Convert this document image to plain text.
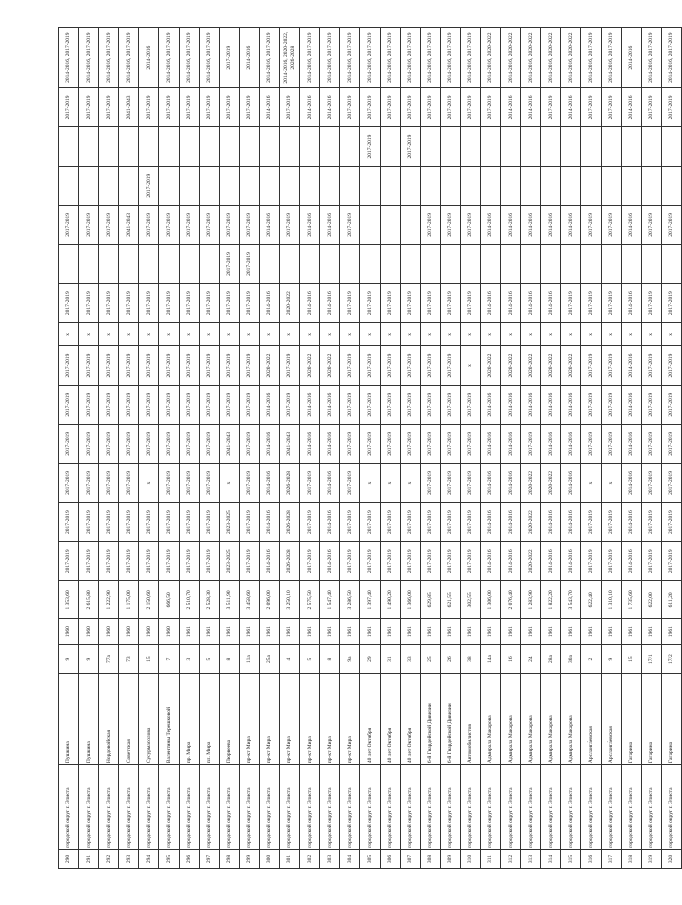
290	городской округ г. Элиста	Пушкина	9	1960	1 353,60	2017-2019	2017-2019	2017-2019	2017-2019	2017-2019	2017-2019	x	2017-2019		2017-2019			2017-2019	2014-2016, 2017-2019
291	городской округ г. Элиста	Пушкина	9	1960	2 615,80	2017-2019	2017-2019	2017-2019	2017-2019	2017-2019	2017-2019	x	2017-2019		2017-2019			2017-2019	2014-2016, 2017-2019
292	городской округ г. Элиста	Нордовойская	77а	1960	1 222,90	2017-2019	2017-2019	2017-2019	2017-2019	2017-2019	2017-2019	x	2017-2019		2017-2019			2017-2019	2014-2016, 2017-2019
293	городской округ г. Элиста	Советская	73	1960	1 175,00	2017-2019	2017-2019	2017-2019	2017-2019	2017-2019	2017-2019	x	2017-2019		2041-2043			2041-2043	2014-2016, 2017-2019
294	городской округ г. Элиста	Сусурмасолова	15	1960	2 150,60	2017-2019	2017-2019	x	2017-2019	2017-2019	2017-2019	x	2017-2019		2017-2019	2017-2019		2017-2019	2014-2016
295	городской округ г. Элиста	Валентины Терешковой	7	1960	666,50	2017-2019	2017-2019	2017-2019	2017-2019	2017-2019	2017-2019	x	2017-2019		2017-2019			2017-2019	2014-2016, 2017-2019
296	городской округ г. Элиста	пр. Мира	3	1961	2 510,70	2017-2019	2017-2019	2017-2019	2017-2019	2017-2019	2017-2019	x	2017-2019		2017-2019			2017-2019	2014-2016, 2017-2019
297	городской округ г. Элиста	пл. Мира	5	1961	2 528,30	2017-2019	2017-2019	2017-2019	2017-2019	2017-2019	2017-2019	x	2017-2019		2017-2019			2017-2019	2014-2016, 2017-2019
298	городской округ г. Элиста	Пюрвеева	8	1961	3 511,90	2023-2025	2023-2025	x	2041-2043	2017-2019	2017-2019	x	2017-2019	2017-2019	2017-2019			2017-2019	2017-2019
299	городской округ г. Элиста	пр-кт Мира	11а	1961	3 458,60	2017-2019	2017-2019	2017-2019	2017-2019	2017-2019	2017-2019	x	2017-2019	2017-2019	2017-2019			2017-2019	2014-2016
300	городской округ г. Элиста	пр-кт Мира	25а	1961	2 096,00	2014-2016	2014-2016	2014-2016	2014-2016	2014-2016	2020-2022	x	2014-2016		2014-2016			2014-2016	2014-2016, 2017-2019
301	городской округ г. Элиста	пр-кт Мира	4	1961	3 250,10	2026-2028	2026-2028	2026-2028	2041-2043	2017-2019	2017-2019	x	2020-2022		2017-2019			2017-2019	2014-2016, 2020-2022, 2026-2028
302	городской округ г. Элиста	пр-кт Мира	5	1961	2 575,50	2017-2019	2017-2019	2017-2019	2014-2016	2014-2016	2020-2022	x	2014-2016		2014-2016			2014-2016	2014-2016, 2017-2019
303	городской округ г. Элиста	пр-кт Мира	8	1961	1 547,40	2014-2016	2014-2016	2014-2016	2014-2016	2014-2016	2020-2022	x	2014-2016		2014-2016			2014-2016	2014-2016, 2017-2019
304	городской округ г. Элиста	пр-кт Мира	9а	1961	3 286,50	2017-2019	2017-2019	2017-2019	2017-2019	2017-2019	2017-2019	x	2017-2019		2017-2019			2017-2019	2014-2016, 2017-2019
305	городской округ г. Элиста	40 лет Октября	29	1961	1 397,40	2017-2019	2017-2019	x	2017-2019	2017-2019	2017-2019	x	2017-2019				2017-2019	2017-2019	2014-2016, 2017-2019
306	городской округ г. Элиста	40 лет Октября	31	1961	1 490,20	2017-2019	2017-2019	x	2017-2019	2017-2019	2017-2019	x	2017-2019					2017-2019	2014-2016, 2017-2019
307	городской округ г. Элиста	40 лет Октября	33	1961	1 366,00	2017-2019	2017-2019	x	2017-2019	2017-2019	2017-2019	x	2017-2019				2017-2019	2017-2019	2014-2016, 2017-2019
308	городской округ г. Элиста	6-й Гвардейской Дивизии	25	1961	629,85	2017-2019	2017-2019	2017-2019	2017-2019	2017-2019	2017-2019	x	2017-2019		2017-2019			2017-2019	2014-2016, 2017-2019
309	городской округ г. Элиста	6-й Гвардейской Дивизии	26	1961	621,55	2017-2019	2017-2019	2017-2019	2017-2019	2017-2019	2017-2019	x	2017-2019		2017-2019			2017-2019	2014-2016, 2017-2019
310	городской округ г. Элиста	Автомобилистов	38	1961	302,55	2017-2019	2017-2019	2017-2019	2017-2019	2017-2019	x	x	2017-2019		2017-2019			2017-2019	2014-2016, 2017-2019
311	городской округ г. Элиста	Адмирала Макарова	14а	1961	1 306,00	2014-2016	2014-2016	2014-2016	2014-2016	2014-2016	2020-2022	x	2014-2016		2014-2016			2017-2019	2014-2016, 2020-2022
312	городской округ г. Элиста	Адмирала Макарова	16	1961	2 076,40	2014-2016	2014-2016	2014-2016	2014-2016	2014-2016	2020-2022	x	2014-2016		2014-2016			2014-2016	2014-2016, 2020-2022
313	городской округ г. Элиста	Адмирала Макарова	24	1961	1 283,90	2020-2022	2020-2022	2020-2022	2017-2019	2014-2016	2020-2022	x	2014-2016		2014-2016			2014-2016	2014-2016, 2020-2022
314	городской округ г. Элиста	Адмирала Макарова	28а	1961	1 822,20	2014-2016	2014-2016	2020-2022	2014-2016	2014-2016	2020-2022	x	2014-2016		2014-2016			2017-2019	2014-2016, 2020-2022
315	городской округ г. Элиста	Адмирала Макарова	30а	1961	3 543,70	2014-2016	2014-2016	2014-2016	2014-2016	2014-2016	2020-2022	x	2017-2019		2014-2016			2014-2016	2014-2016, 2020-2022
316	городской округ г. Элиста	Арсланга́евская	2	1961	622,40	2017-2019	2017-2019	x	2017-2019	2017-2019	2017-2019	x	2017-2019		2017-2019			2017-2019	2014-2016, 2017-2019
317	городской округ г. Элиста	Арсланга́евская	9	1961	1 310,10	2017-2019	2017-2019	x	2017-2019	2017-2019	2017-2019	x	2017-2019		2017-2019			2017-2019	2014-2016, 2017-2019
318	городской округ г. Элиста	Гагарина	15	1961	1 735,60	2014-2016	2014-2016	2014-2016	2014-2016	2014-2016	2014-2016	x	2014-2016		2014-2016			2014-2016	2014-2016
319	городской округ г. Элиста	Гагарина	17/1	1961	622,00	2017-2019	2017-2019	2017-2019	2017-2019	2017-2019	2017-2019	x	2017-2019		2017-2019			2017-2019	2014-2016, 2017-2019
320	городской округ г. Элиста	Гагарина	17/2	1961	611,20	2017-2019	2017-2019	2017-2019	2017-2019	2017-2019	2017-2019	x	2017-2019		2017-2019			2017-2019	2014-2016, 2017-2019
